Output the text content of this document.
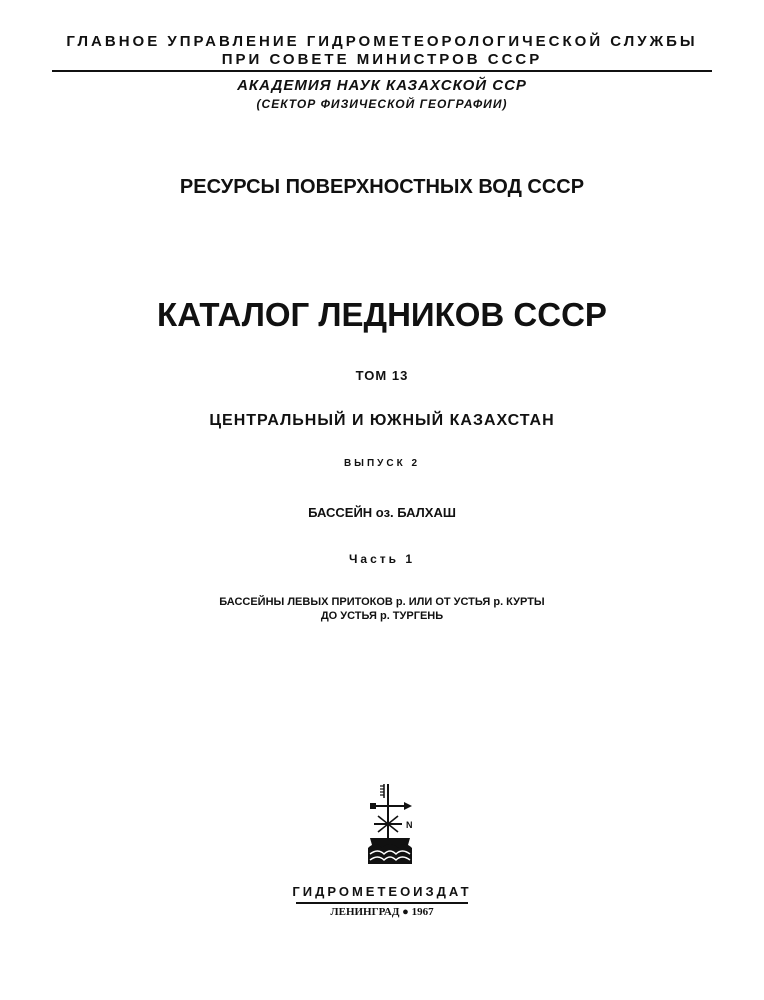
ГЛАВНОЕ УПРАВЛЕНИЕ ГИДРОМЕТЕОРОЛОГИЧЕСКОЙ СЛУЖБЫ
ПРИ СОВЕТЕ МИНИСТРОВ СССР
АКАДЕМИЯ НАУК КАЗАХСКОЙ ССР
(СЕКТОР ФИЗИЧЕСКОЙ ГЕОГРАФИИ)
РЕСУРСЫ ПОВЕРХНОСТНЫХ ВОД СССР
КАТАЛОГ ЛЕДНИКОВ СССР
ТОМ 13
ЦЕНТРАЛЬНЫЙ И ЮЖНЫЙ КАЗАХСТАН
ВЫПУСК 2
БАССЕЙН оз. БАЛХАШ
Часть 1
БАССЕЙНЫ ЛЕВЫХ ПРИТОКОВ р. ИЛИ ОТ УСТЬЯ р. КУРТЫ
ДО УСТЬЯ р. ТУРГЕНЬ
N
ГИДРОМЕТЕОИЗДАТ
ЛЕНИНГРАД ● 1967
